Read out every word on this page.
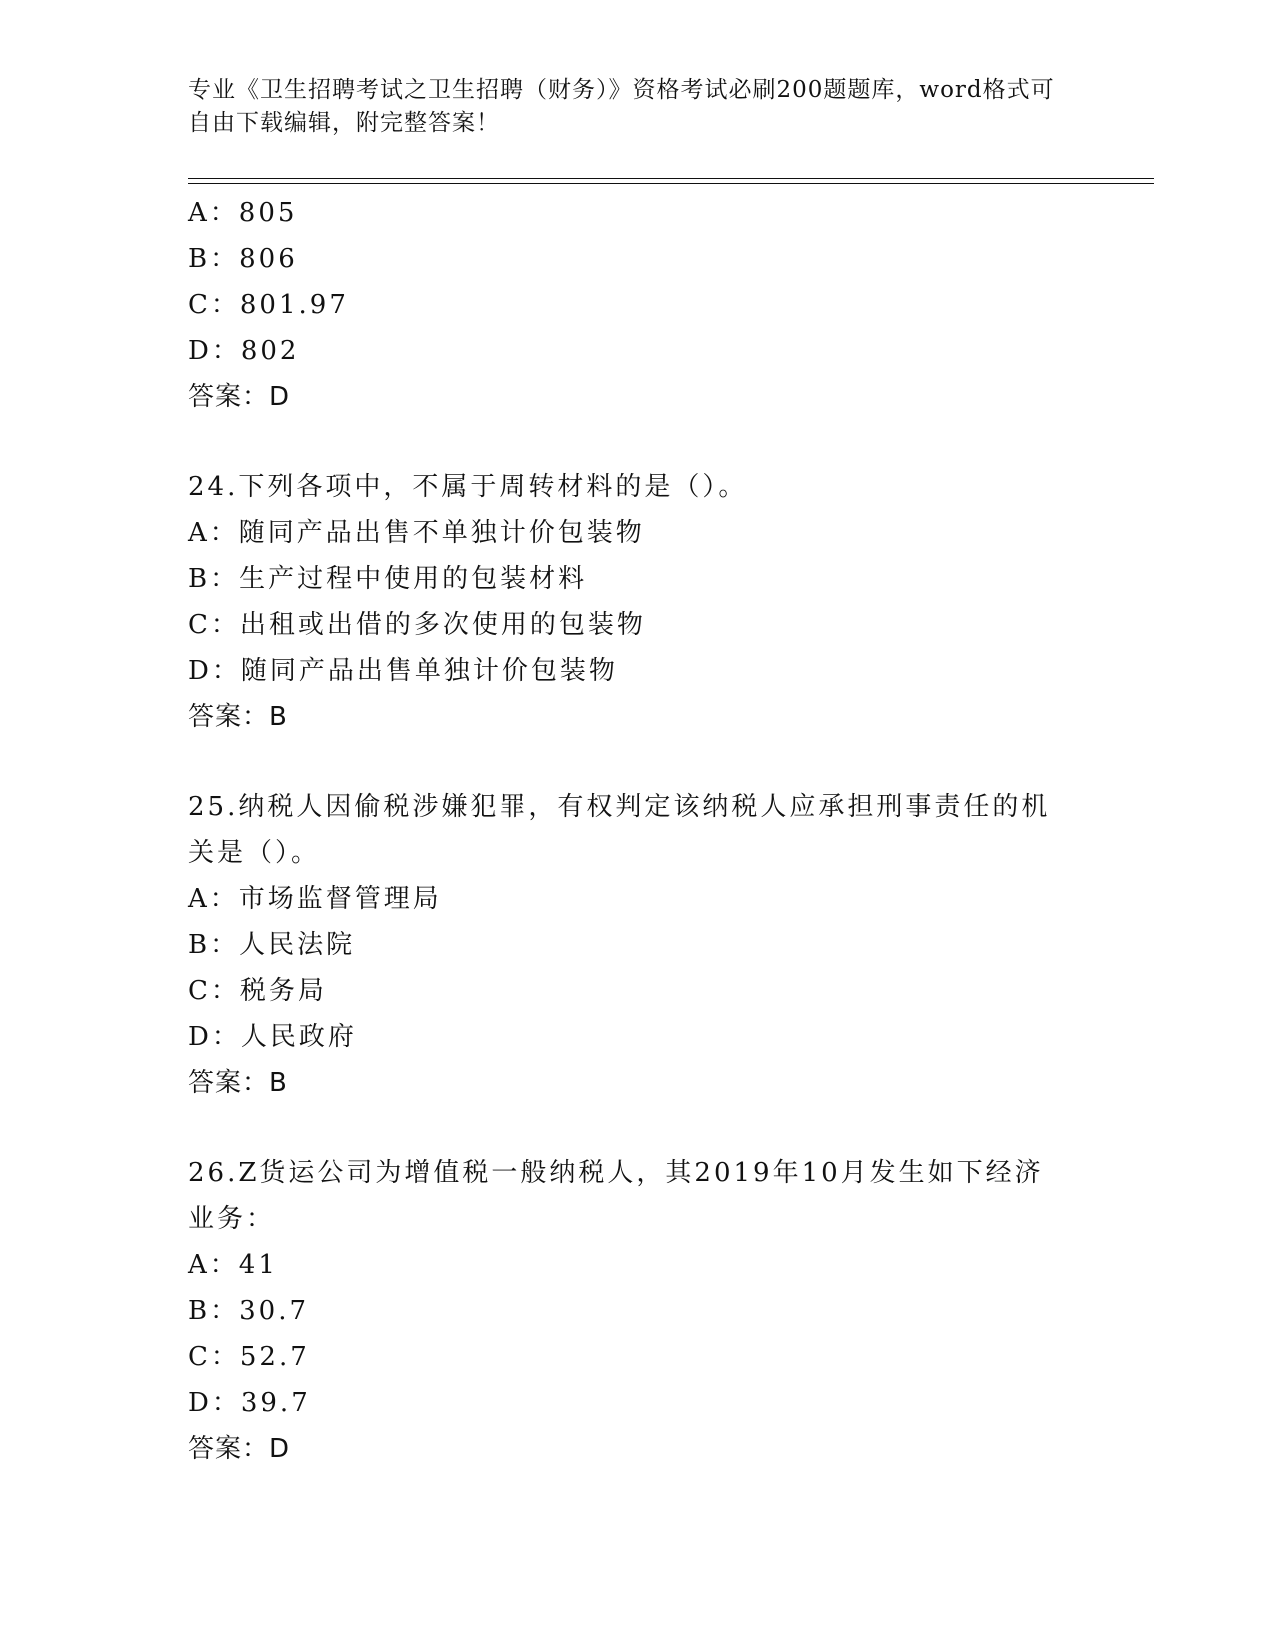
专业《卫生招聘考试之卫生招聘（财务）》资格考试必刷200题题库，word格式可自由下载编辑，附完整答案！
A：805
B：806
C：801.97
D：802
答案：D
24.下列各项中，不属于周转材料的是（）。
A：随同产品出售不单独计价包装物
B：生产过程中使用的包装材料
C：出租或出借的多次使用的包装物
D：随同产品出售单独计价包装物
答案：B
25.纳税人因偷税涉嫌犯罪，有权判定该纳税人应承担刑事责任的机关是（）。
A：市场监督管理局
B：人民法院
C：税务局
D：人民政府
答案：B
26.Z货运公司为增值税一般纳税人，其2019年10月发生如下经济业务：
A：41
B：30.7
C：52.7
D：39.7
答案：D
